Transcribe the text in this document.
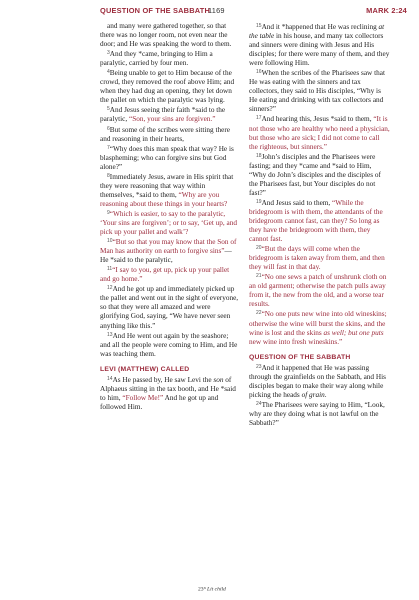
QUESTION OF THE SABBATH
1169	MARK 2:24

and many were gathered together, so that there was no longer room, not even near the door; and He was speaking the word to them.

$^3$And they *came, bringing to Him a paralytic, carried by four men.

$^4$Being unable to get to Him because of the crowd, they removed the roof above Him; and when they had dug an opening, they let down the pallet on which the paralytic was lying.

$^5$And Jesus seeing their faith *said to the paralytic, “Son, your sins are forgiven.”

$^6$But some of the scribes were sitting there and reasoning in their hearts,

$^7$“Why does this man speak that way? He is blaspheming; who can forgive sins but God alone?”

$^8$Immediately Jesus, aware in His spirit that they were reasoning that way within themselves, *said to them, “Why are you reasoning about these things in your hearts?

$^9$“Which is easier, to say to the paralytic, ‘Your sins are forgiven’; or to say, ‘Get up, and pick up your pallet and walk’?

$^{10}$“But so that you may know that the Son of Man has authority on earth to forgive sins”—He *said to the paralytic,

$^{11}$“I say to you, get up, pick up your pallet and go home.”

$^{12}$And he got up and immediately picked up the pallet and went out in the sight of everyone, so that they were all amazed and were glorifying God, saying, “We have never seen anything like this.”

$^{13}$And He went out again by the seashore; and all the people were coming to Him, and He was teaching them.

LEVI (MATTHEW) CALLED

$^{14}$As He passed by, He saw Levi the son of Alphaeus sitting in the tax booth, and He *said to him, “Follow Me!” And he got up and followed Him.

$^{15}$And it *happened that He was reclining at the table in his house, and many tax collectors and sinners were dining with Jesus and His disciples; for there were many of them, and they were following Him.

$^{16}$When the scribes of the Pharisees saw that He was eating with the sinners and tax collectors, they said to His disciples, “Why is He eating and drinking with tax collectors and sinners?”

$^{17}$And hearing this, Jesus *said to them, “It is not those who are healthy who need a physician, but those who are sick; I did not come to call the righteous, but sinners.”

$^{18}$John’s disciples and the Pharisees were fasting; and they *came and *said to Him, “Why do John’s disciples and the disciples of the Pharisees fast, but Your disciples do not fast?”

$^{19}$And Jesus said to them, “While the bridegroom is with them, the attendants of the bridegroom cannot fast, can they? So long as they have the bridegroom with them, they cannot fast.

$^{20}$“But the days will come when the bridegroom is taken away from them, and then they will fast in that day.

$^{21}$“No one sews a patch of unshrunk cloth on an old garment; otherwise the patch pulls away from it, the new from the old, and a worse tear results.

$^{22}$“No one puts new wine into old wineskins; otherwise the wine will burst the skins, and the wine is lost and the skins as well; but one puts new wine into fresh wineskins.”

QUESTION OF THE SABBATH

$^{23}$And it happened that He was passing through the grainfields on the Sabbath, and His disciples began to make their way along while picking the heads of grain.

$^{24}$The Pharisees were saying to Him, “Look, why are they doing what is not lawful on the Sabbath?”

23$^a$ Lit child
